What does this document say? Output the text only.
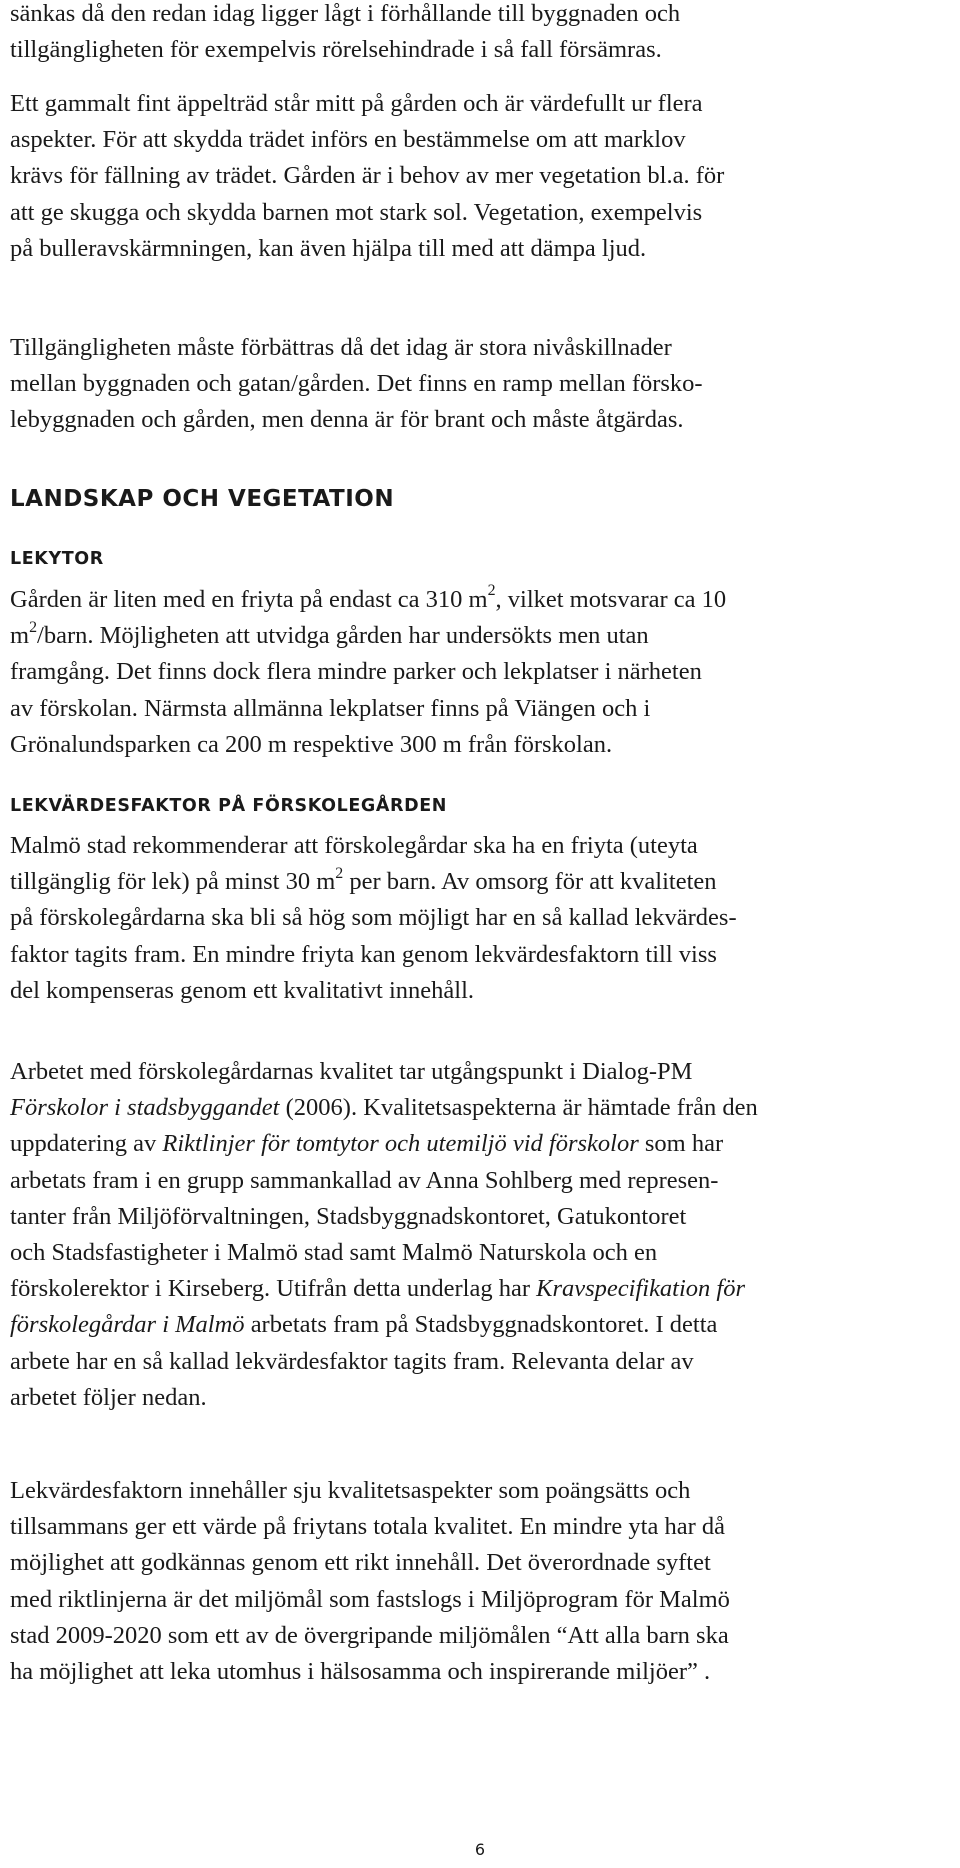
sänkas då den redan idag ligger lågt i förhållande till byggnaden och
tillgängligheten för exempelvis rörelsehindrade i så fall försämras.

Ett gammalt fint äppelträd står mitt på gården och är värdefullt ur flera
aspekter. För att skydda trädet införs en bestämmelse om att marklov
krävs för fällning av trädet. Gården är i behov av mer vegetation bl.a. för
att ge skugga och skydda barnen mot stark sol. Vegetation, exempelvis
på bulleravskärmningen, kan även hjälpa till med att dämpa ljud.

Tillgängligheten måste förbättras då det idag är stora nivåskillnader
mellan byggnaden och gatan/gården. Det finns en ramp mellan försko-
lebyggnaden och gården, men denna är för brant och måste åtgärdas.

LANDSKAP OCH VEGETATION
LEKYTOR

Gården är liten med en friyta på endast ca 310 $m^2$, vilket motsvarar ca 10
$m^2$/barn. Möjligheten att utvidga gården har undersökts men utan
framgång. Det finns dock flera mindre parker och lekplatser i närheten
av förskolan. Närmsta allmänna lekplatser finns på Viängen och i
Grönalundsparken ca 200 m respektive 300 m från förskolan.

LEKVÄRDESFAKTOR PÅ FÖRSKOLEGÅRDEN

Malmö stad rekommenderar att förskolegårdar ska ha en friyta (uteyta
tillgänglig för lek) på minst 30 $m^2$ per barn. Av omsorg för att kvaliteten
på förskolegårdarna ska bli så hög som möjligt har en så kallad lekvärdes-
faktor tagits fram. En mindre friyta kan genom lekvärdesfaktorn till viss
del kompenseras genom ett kvalitativt innehåll.

Arbetet med förskolegårdarnas kvalitet tar utgångspunkt i Dialog-PM
Förskolor i stadsbyggandet (2006). Kvalitetsaspekterna är hämtade från den
uppdatering av Riktlinjer för tomtytor och utemiljö vid förskolor som har
arbetats fram i en grupp sammankallad av Anna Sohlberg med represen-
tanter från Miljöförvaltningen, Stadsbyggnadskontoret, Gatukontoret
och Stadsfastigheter i Malmö stad samt Malmö Naturskola och en
förskolerektor i Kirseberg. Utifrån detta underlag har Kravspecifikation för
förskolegårdar i Malmö arbetats fram på Stadsbyggnadskontoret. I detta
arbete har en så kallad lekvärdesfaktor tagits fram. Relevanta delar av
arbetet följer nedan.

Lekvärdesfaktorn innehåller sju kvalitetsaspekter som poängsätts och
tillsammans ger ett värde på friytans totala kvalitet. En mindre yta har då
möjlighet att godkännas genom ett rikt innehåll. Det överordnade syftet
med riktlinjerna är det miljömål som fastslogs i Miljöprogram för Malmö
stad 2009-2020 som ett av de övergripande miljömålen “Att alla barn ska
ha möjlighet att leka utomhus i hälsosamma och inspirerande miljöer” .

6
